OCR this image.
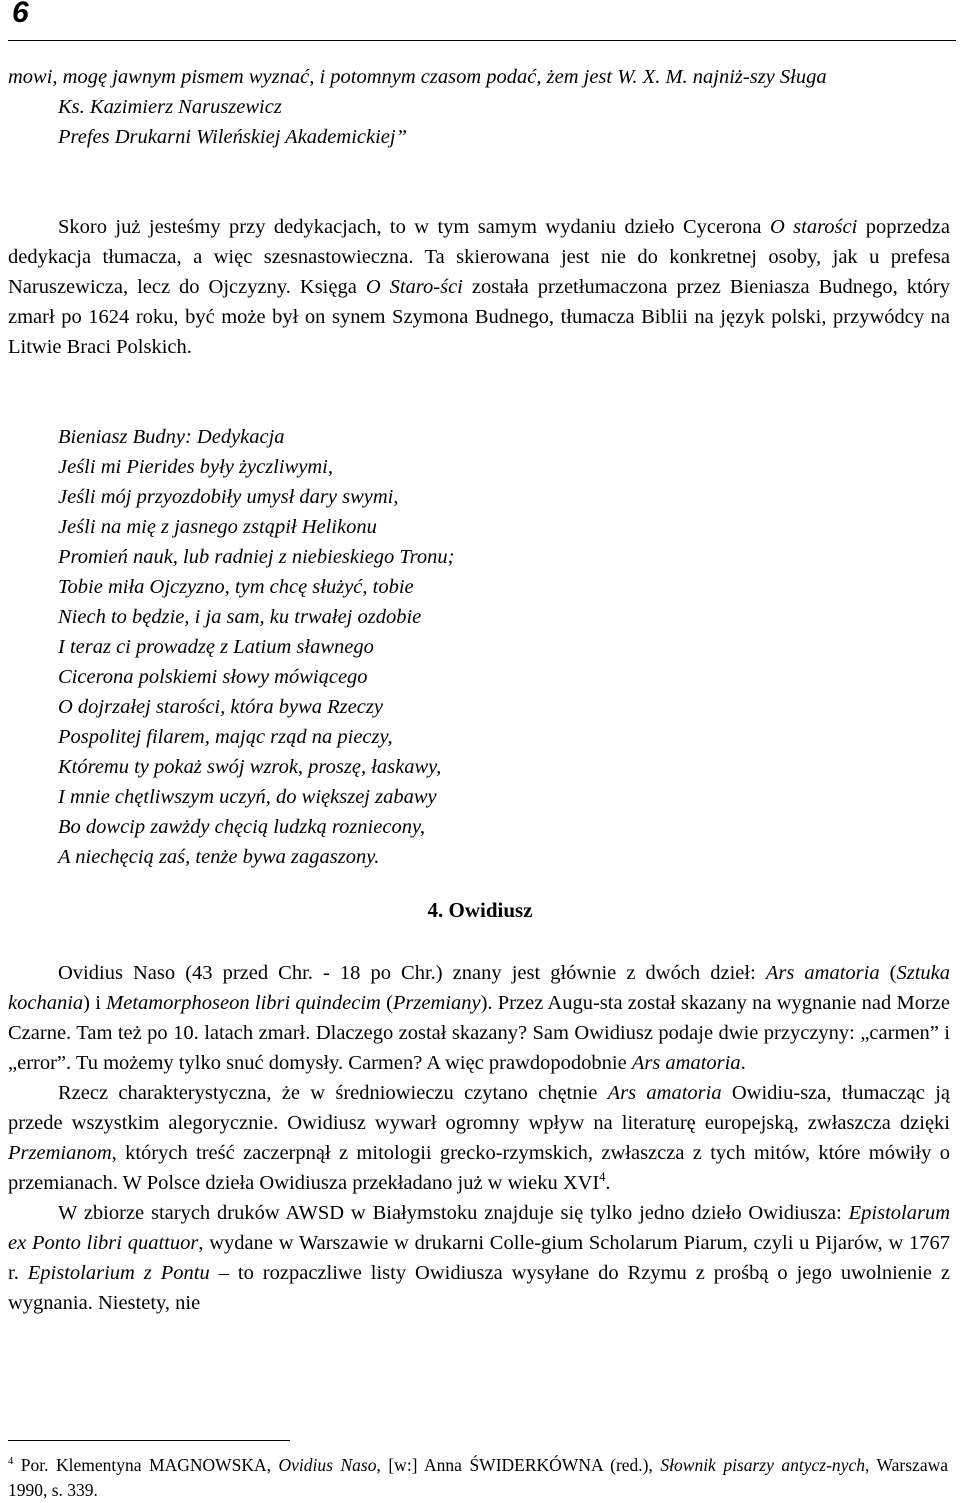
6

mowi, mogę jawnym pismem wyznać, i potomnym czasom podać, żem jest W. X. M. najniż-szy Sługa

Ks. Kazimierz Naruszewicz

Prefes Drukarni Wileńskiej Akademickiej”

Skoro już jesteśmy przy dedykacjach, to w tym samym wydaniu dzieło Cycerona O starości poprzedza dedykacja tłumacza, a więc szesnastowieczna. Ta skierowana jest nie do konkretnej osoby, jak u prefesa Naruszewicza, lecz do Ojczyzny. Księga O Staro-ści została przetłumaczona przez Bieniasza Budnego, który zmarł po 1624 roku, być może był on synem Szymona Budnego, tłumacza Biblii na język polski, przywódcy na Litwie Braci Polskich.

Bieniasz Budny: Dedykacja
Jeśli mi Pierides były życzliwymi,
Jeśli mój przyozdobiły umysł dary swymi,
Jeśli na mię z jasnego zstąpił Helikonu
Promień nauk, lub radniej z niebieskiego Tronu;
Tobie miła Ojczyzno, tym chcę służyć, tobie
Niech to będzie, i ja sam, ku trwałej ozdobie
I teraz ci prowadzę z Latium sławnego
Cicerona polskiemi słowy mówiącego
O dojrzałej starości, która bywa Rzeczy
Pospolitej filarem, mając rząd na pieczy,
Któremu ty pokaż swój wzrok, proszę, łaskawy,
I mnie chętliwszym uczyń, do większej zabawy
Bo dowcip zawżdy chęcią ludzką rozniecony,
A niechęcią zaś, tenże bywa zagaszony.
4. Owidiusz

Ovidius Naso (43 przed Chr. - 18 po Chr.) znany jest głównie z dwóch dzieł: Ars amatoria (Sztuka kochania) i Metamorphoseon libri quindecim (Przemiany). Przez Augu-sta został skazany na wygnanie nad Morze Czarne. Tam też po 10. latach zmarł. Dlaczego został skazany? Sam Owidiusz podaje dwie przyczyny: „carmen” i „error”. Tu możemy tylko snuć domysły. Carmen? A więc prawdopodobnie Ars amatoria.

Rzecz charakterystyczna, że w średniowieczu czytano chętnie Ars amatoria Owidiu-sza, tłumacząc ją przede wszystkim alegorycznie. Owidiusz wywarł ogromny wpływ na literaturę europejską, zwłaszcza dzięki Przemianom, których treść zaczerpnął z mitologii grecko-rzymskich, zwłaszcza z tych mitów, które mówiły o przemianach. W Polsce dzieła Owidiusza przekładano już w wieku XVI$^4$.

W zbiorze starych druków AWSD w Białymstoku znajduje się tylko jedno dzieło Owidiusza: Epistolarum ex Ponto libri quattuor, wydane w Warszawie w drukarni Colle-gium Scholarum Piarum, czyli u Pijarów, w 1767 r. Epistolarium z Pontu – to rozpaczliwe listy Owidiusza wysyłane do Rzymu z prośbą o jego uwolnienie z wygnania. Niestety, nie

$^4$ Por. Klementyna MAGNOWSKA, Ovidius Naso, [w:] Anna ŚWIDERKÓWNA (red.), Słownik pisarzy antycz-nych, Warszawa 1990, s. 339.
